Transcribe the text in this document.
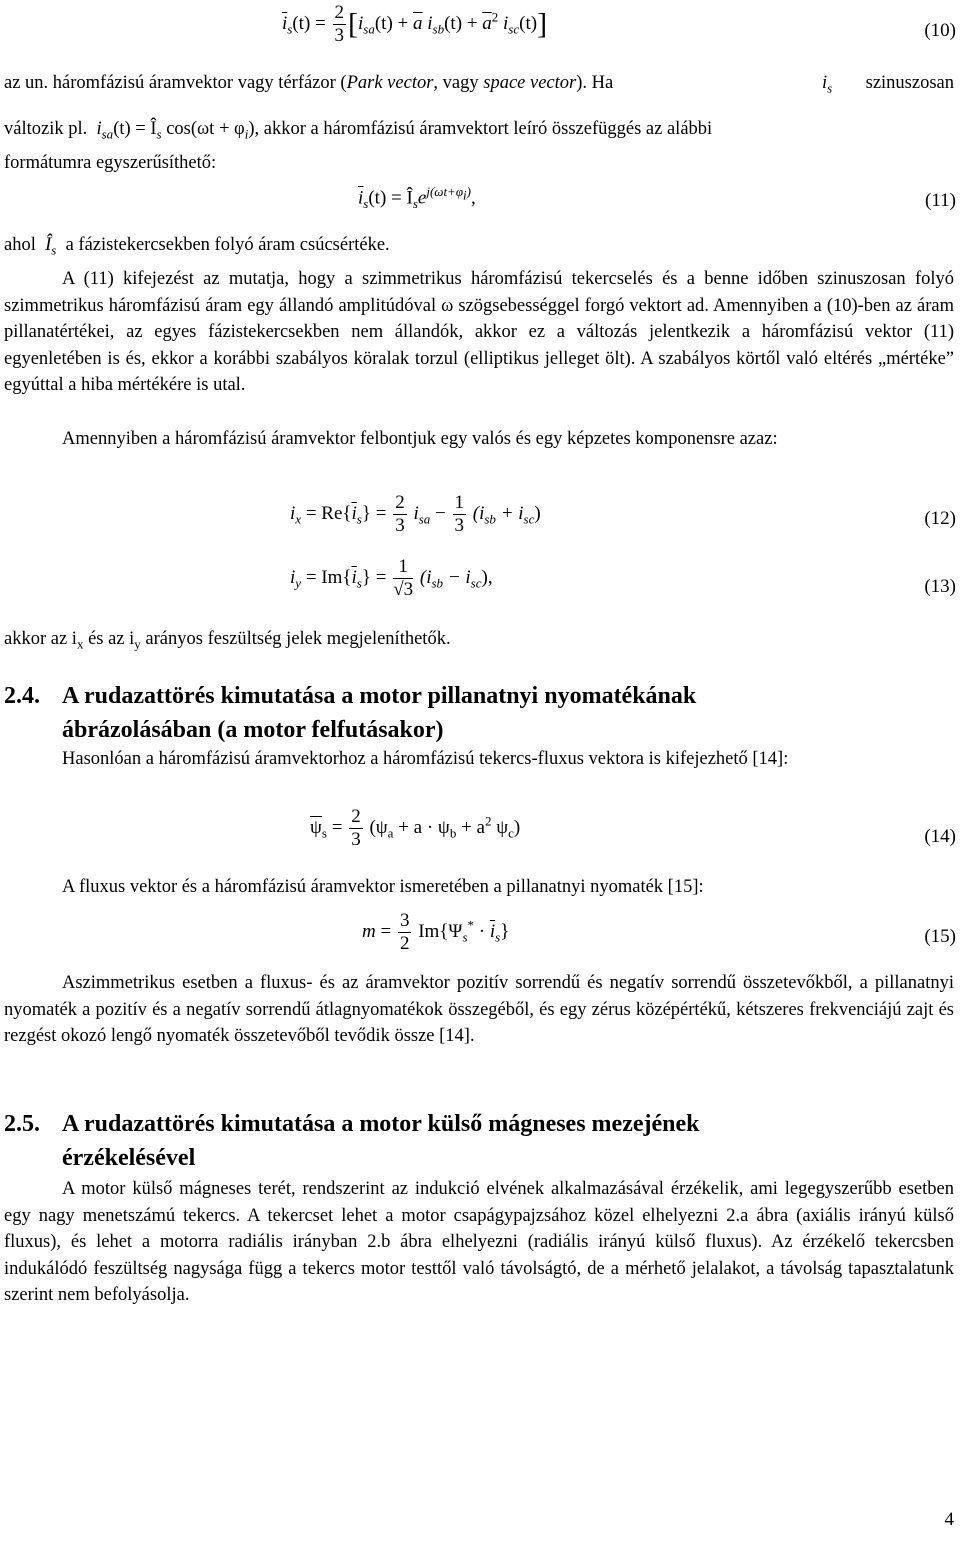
$\overline{i}_s(t) = \frac{2}{3} [i_{sa}(t) + \overline{a}$ $i_{sb}(t) + \overline{a}^2$ $i_{sc}(t)$]	(10)
az un. háromfázisú áramvektor vagy térfázor (Park vector, vagy space vector). Ha	$i_s$ szinuszosan
változik pl. $i_{sa}(t)$ = $Î_s$ $\cos(\omega t + \varphi_i)$, akkor a háromfázisú áramvektort leíró összefüggés az alábbi
formátumra egyszerűsíthető:
$\overline{i}_s(t)$ = $Î_se^{j(\omega t+\varphi_i)}$,	(11)
ahol $Î_s$ a fázistekercsekben folyó áram csúcsértéke.
A (11) kifejezést az mutatja, hogy a szimmetrikus háromfázisú tekercselés és a benne időben szinuszosan folyó szimmetrikus háromfázisú áram egy állandó amplitúdóval ω szögsebességgel forgó vektort ad. Amennyiben a (10)-ben az áram pillanatértékei, az egyes fázistekercsekben nem állandók, akkor ez a változás jelentkezik a háromfázisú vektor (11) egyenletében is és, ekkor a korábbi szabályos köralak torzul (elliptikus jelleget ölt). A szabályos körtől való eltérés „mértéke” egyúttal a hiba mértékére is utal.
Amennyiben a háromfázisú áramvektor felbontjuk egy valós és egy képzetes komponensre azaz:
$i_x = Re\{\overline{i}_s\} = \frac{2}{3} i_{sa} - \frac{1}{3} (i_{sb} + i_{sc})$	(12)
$i_y = Im\{\overline{i}_s\} = \frac{1}{√3} (i_{sb} - i_{sc})$,	(13)
akkor az $i_x$ és az $i_y$ arányos feszültség jelek megjeleníthetők.
2.4. A rudazattörés kimutatása a motor pillanatnyi nyomatékának
ábrázolásában (a motor felfutásakor)
Hasonlóan a háromfázisú áramvektorhoz a háromfázisú tekercs-fluxus vektora is kifejezhető [14]:
$\overline{\psi}_s = \frac{2}{3} (\psi_a + a \cdot \psi_b + a^2$ $\psi_c$)	(14)
A fluxus vektor és a háromfázisú áramvektor ismeretében a pillanatnyi nyomaték [15]:
$m = \frac{3}{2} Im\{\Psi_s^* \cdot \overline{i}_s\}$	(15)
Aszimmetrikus esetben a fluxus- és az áramvektor pozitív sorrendű és negatív sorrendű összetevőkből, a pillanatnyi nyomaték a pozitív és a negatív sorrendű átlagnyomatékok összegéből, és egy zérus középértékű, kétszeres frekvenciájú zajt és rezgést okozó lengő nyomaték összetevőből tevődik össze [14].
2.5. A rudazattörés kimutatása a motor külső mágneses mezejének
érzékelésével
A motor külső mágneses terét, rendszerint az indukció elvének alkalmazásával érzékelik, ami legegyszerűbb esetben egy nagy menetszámú tekercs. A tekercset lehet a motor csapágypajzsához közel elhelyezni 2.a ábra (axiális irányú külső fluxus), és lehet a motorra radiális irányban 2.b ábra elhelyezni (radiális irányú külső fluxus). Az érzékelő tekercsben indukálódó feszültség nagysága függ a tekercs motor testtől való távolságtó, de a mérhető jelalakot, a távolság tapasztalatunk szerint nem befolyásolja.
4
